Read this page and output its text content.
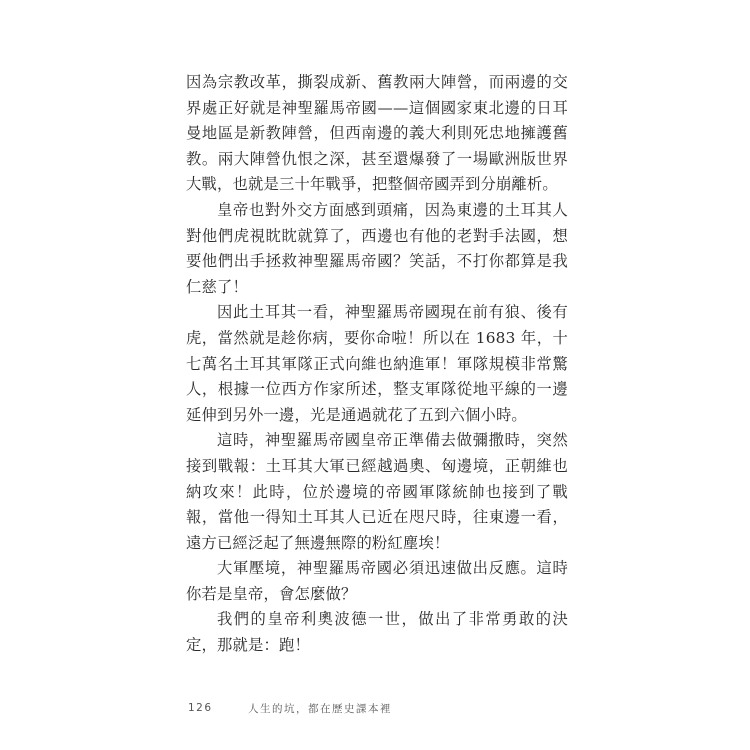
因為宗教改革，撕裂成新、舊教兩大陣營，而兩邊的交界處正好就是神聖羅馬帝國——這個國家東北邊的日耳曼地區是新教陣營，但西南邊的義大利則死忠地擁護舊教。兩大陣營仇恨之深，甚至還爆發了一場歐洲版世界大戰，也就是三十年戰爭，把整個帝國弄到分崩離析。

皇帝也對外交方面感到頭痛，因為東邊的土耳其人對他們虎視眈眈就算了，西邊也有他的老對手法國，想要他們出手拯救神聖羅馬帝國？笑話，不打你都算是我仁慈了！

因此土耳其一看，神聖羅馬帝國現在前有狼、後有虎，當然就是趁你病，要你命啦！所以在 1683 年，十七萬名土耳其軍隊正式向維也納進軍！軍隊規模非常驚人，根據一位西方作家所述，整支軍隊從地平線的一邊延伸到另外一邊，光是通過就花了五到六個小時。

這時，神聖羅馬帝國皇帝正準備去做彌撒時，突然接到戰報：土耳其大軍已經越過奧、匈邊境，正朝維也納攻來！此時，位於邊境的帝國軍隊統帥也接到了戰報，當他一得知土耳其人已近在咫尺時，往東邊一看，遠方已經泛起了無邊無際的粉紅塵埃！

大軍壓境，神聖羅馬帝國必須迅速做出反應。這時你若是皇帝，會怎麼做？

我們的皇帝利奧波德一世，做出了非常勇敢的決定，那就是：跑！

126	人生的坑，都在歷史課本裡
